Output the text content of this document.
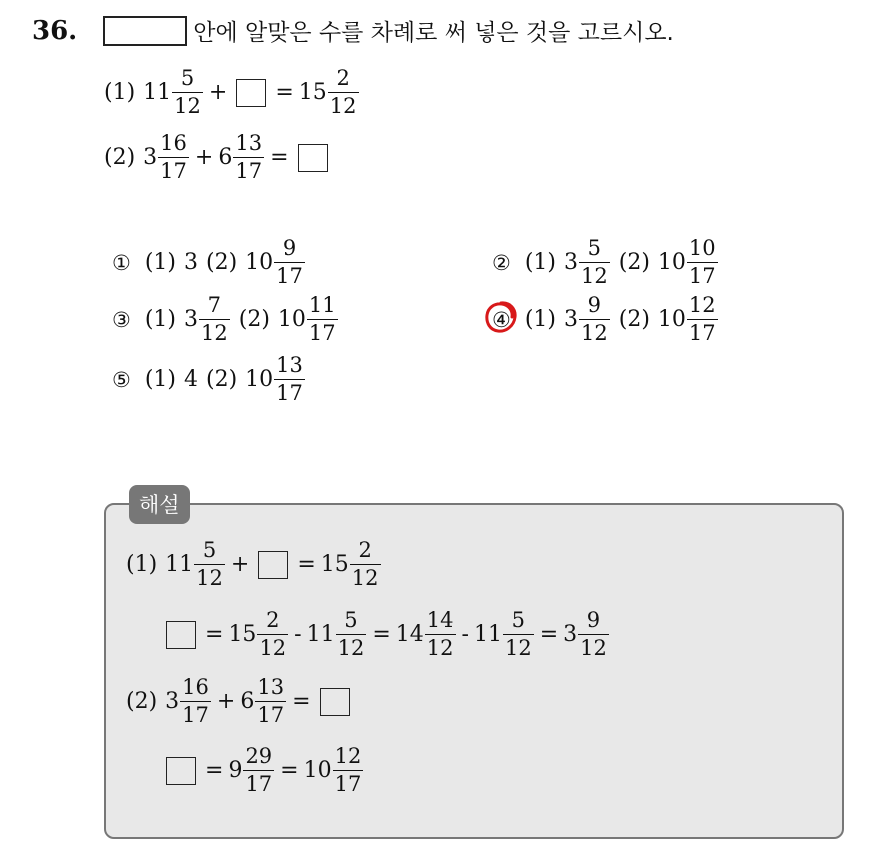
36.	안에 알맞은 수를 차례로 써 넣은 것을 고르시오.
(1) $11 \frac{5}{12}$ + = $15 \frac{2}{12}$
(2) $3 \frac{16}{17} + 6 \frac{13}{17}$ =
① (1) 3 (2) $10 \frac{9}{17}$	② (1) $3 \frac{5}{12} (2)$ $10 \frac{10}{17}$
③ (1) $3 \frac{7}{12} (2)$ $10 \frac{11}{17}$	④ (1) $3 \frac{9}{12} (2)$ $10 \frac{12}{17}$
⑤ (1) 4 (2) $10 \frac{13}{17}$
해설
(1) $11 \frac{5}{12}$ + = $15 \frac{2}{12}$
= $15 \frac{2}{12} - 11 \frac{5}{12} = 14 \frac{14}{12} - 11 \frac{5}{12} = 3 \frac{9}{12}$
(2) $3 \frac{16}{17} + 6 \frac{13}{17}$ =
= $9 \frac{29}{17} = 10 \frac{12}{17}$
